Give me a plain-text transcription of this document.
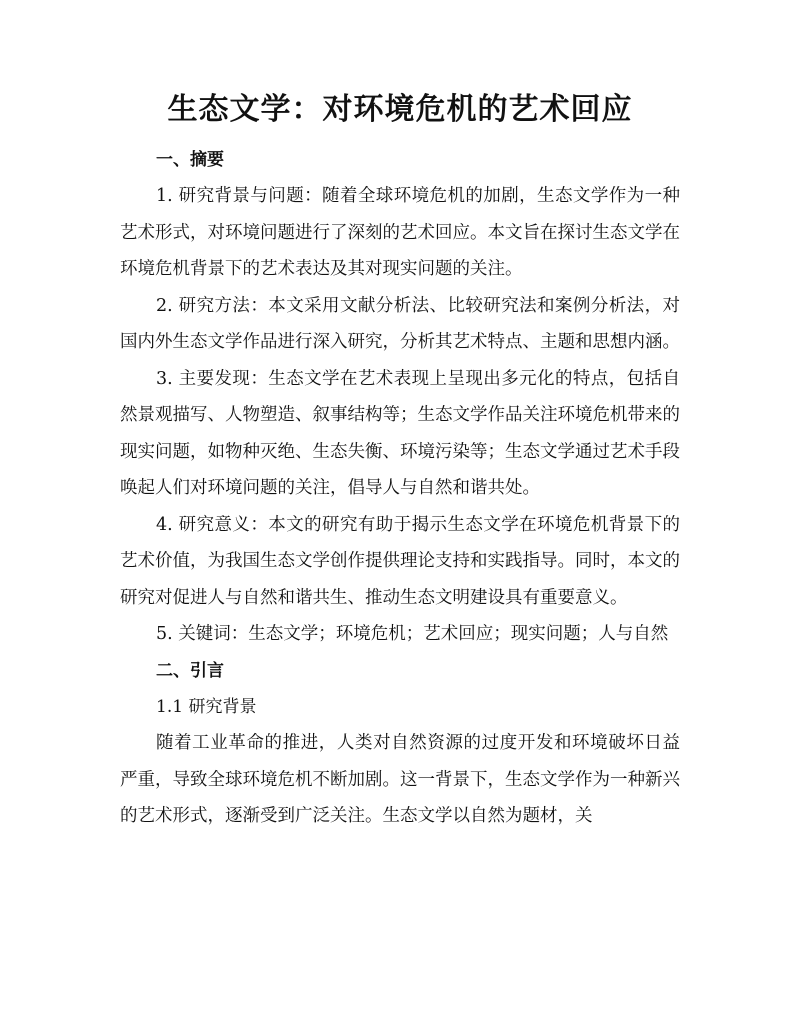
生态文学：对环境危机的艺术回应
一、摘要

1. 研究背景与问题：随着全球环境危机的加剧，生态文学作为一种艺术形式，对环境问题进行了深刻的艺术回应。本文旨在探讨生态文学在环境危机背景下的艺术表达及其对现实问题的关注。

2. 研究方法：本文采用文献分析法、比较研究法和案例分析法，对国内外生态文学作品进行深入研究，分析其艺术特点、主题和思想内涵。

3. 主要发现：生态文学在艺术表现上呈现出多元化的特点，包括自然景观描写、人物塑造、叙事结构等；生态文学作品关注环境危机带来的现实问题，如物种灭绝、生态失衡、环境污染等；生态文学通过艺术手段唤起人们对环境问题的关注，倡导人与自然和谐共处。

4. 研究意义：本文的研究有助于揭示生态文学在环境危机背景下的艺术价值，为我国生态文学创作提供理论支持和实践指导。同时，本文的研究对促进人与自然和谐共生、推动生态文明建设具有重要意义。

5. 关键词：生态文学；环境危机；艺术回应；现实问题；人与自然

二、引言

1.1 研究背景

随着工业革命的推进，人类对自然资源的过度开发和环境破坏日益严重，导致全球环境危机不断加剧。这一背景下，生态文学作为一种新兴的艺术形式，逐渐受到广泛关注。生态文学以自然为题材，关
